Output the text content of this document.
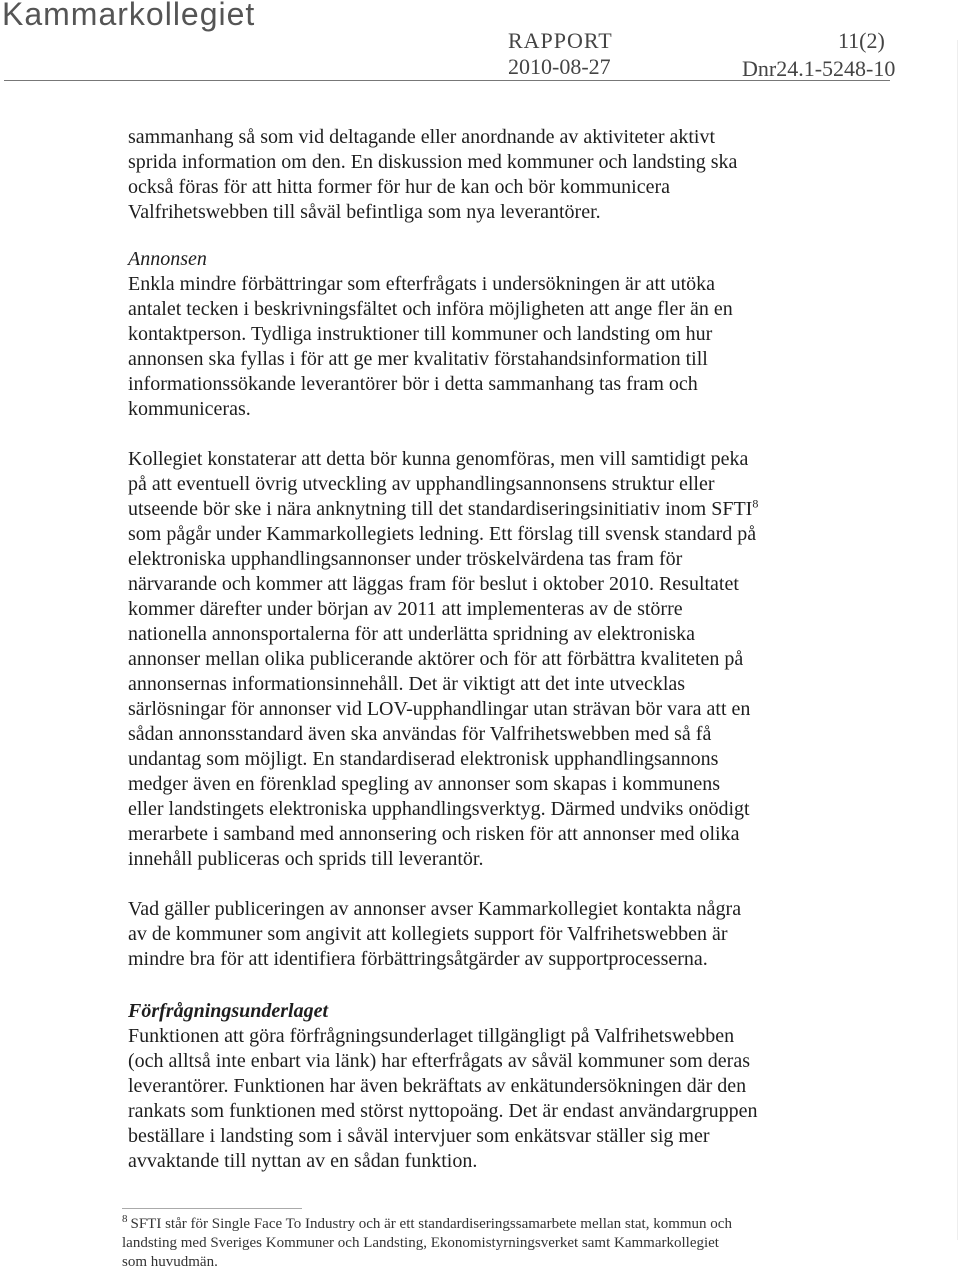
Kammarkollegiet
RAPPORT	11(2)
2010-08-27	Dnr24.1-5248-10

sammanhang så som vid deltagande eller anordnande av aktiviteter aktivt sprida information om den. En diskussion med kommuner och landsting ska också föras för att hitta former för hur de kan och bör kommunicera Valfrihetswebben till såväl befintliga som nya leverantörer.

Annonsen

Enkla mindre förbättringar som efterfrågats i undersökningen är att utöka antalet tecken i beskrivningsfältet och införa möjligheten att ange fler än en kontaktperson. Tydliga instruktioner till kommuner och landsting om hur annonsen ska fyllas i för att ge mer kvalitativ förstahandsinformation till informationssökande leverantörer bör i detta sammanhang tas fram och kommuniceras.

Kollegiet konstaterar att detta bör kunna genomföras, men vill samtidigt peka på att eventuell övrig utveckling av upphandlingsannonsens struktur eller utseende bör ske i nära anknytning till det standardiseringsinitiativ inom SFTI$^8$ som pågår under Kammarkollegiets ledning. Ett förslag till svensk standard på elektroniska upphandlingsannonser under tröskelvärdena tas fram för närvarande och kommer att läggas fram för beslut i oktober 2010. Resultatet kommer därefter under början av 2011 att implementeras av de större nationella annonsportalerna för att underlätta spridning av elektroniska annonser mellan olika publicerande aktörer och för att förbättra kvaliteten på annonsernas informationsinnehåll. Det är viktigt att det inte utvecklas särlösningar för annonser vid LOV-upphandlingar utan strävan bör vara att en sådan annonsstandard även ska användas för Valfrihetswebben med så få undantag som möjligt. En standardiserad elektronisk upphandlingsannons medger även en förenklad spegling av annonser som skapas i kommunens eller landstingets elektroniska upphandlingsverktyg. Därmed undviks onödigt merarbete i samband med annonsering och risken för att annonser med olika innehåll publiceras och sprids till leverantör.

Vad gäller publiceringen av annonser avser Kammarkollegiet kontakta några av de kommuner som angivit att kollegiets support för Valfrihetswebben är mindre bra för att identifiera förbättringsåtgärder av supportprocesserna.

Förfrågningsunderlaget

Funktionen att göra förfrågningsunderlaget tillgängligt på Valfrihetswebben (och alltså inte enbart via länk) har efterfrågats av såväl kommuner som deras leverantörer. Funktionen har även bekräftats av enkätundersökningen där den rankats som funktionen med störst nyttopoäng. Det är endast användargruppen beställare i landsting som i såväl intervjuer som enkätsvar ställer sig mer avvaktande till nyttan av en sådan funktion.

$^8$ SFTI står för Single Face To Industry och är ett standardiseringssamarbete mellan stat, kommun och landsting med Sveriges Kommuner och Landsting, Ekonomistyrningsverket samt Kammarkollegiet som huvudmän.
